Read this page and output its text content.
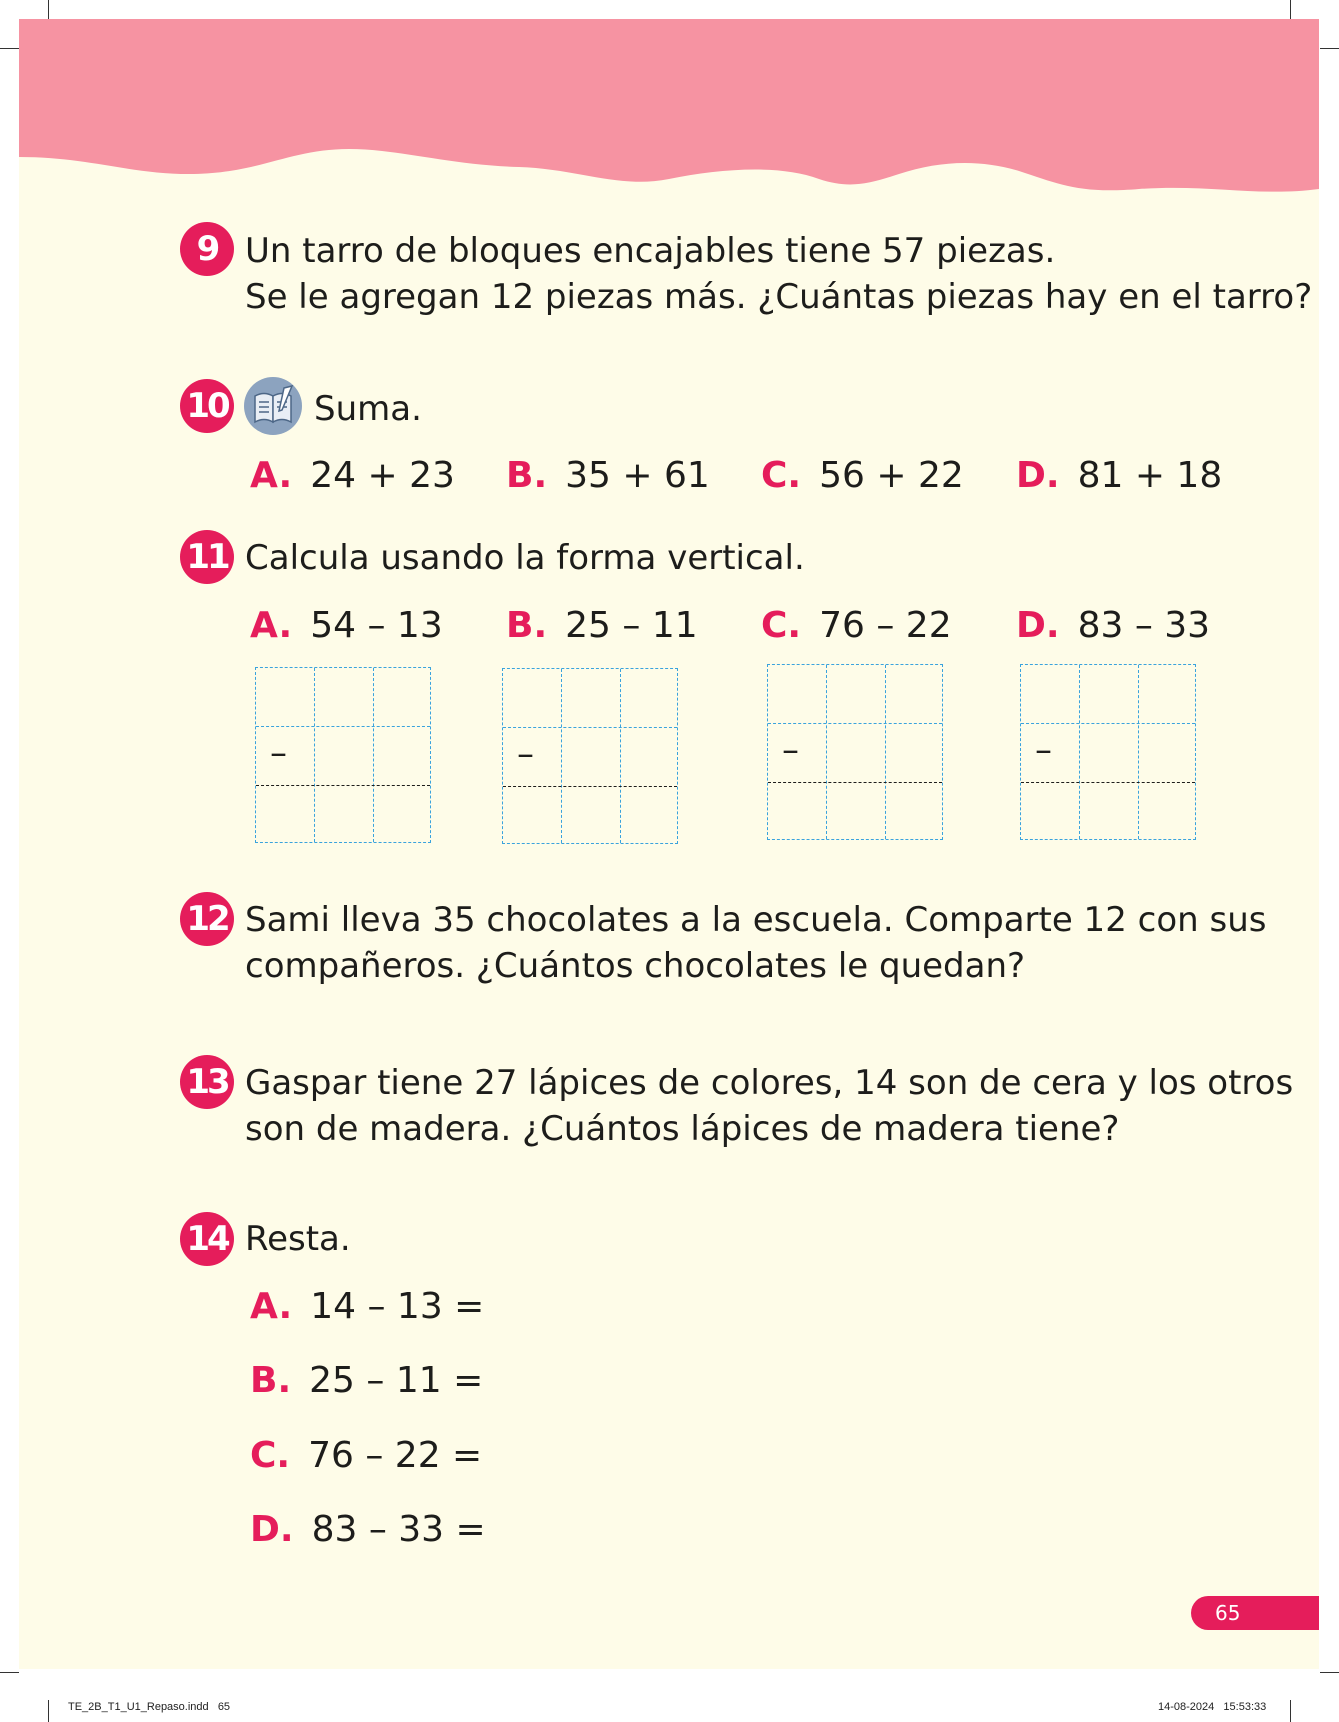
9 Un tarro de bloques encajables tiene 57 piezas.
Se le agregan 12 piezas más. ¿Cuántas piezas hay en el tarro?
10	Suma.
A. 24 + 23 B. 35 + 61 C. 56 + 22 D. 81 + 18
11 Calcula usando la forma vertical.
A. 54 – 13 B. 25 – 11 C. 76 – 22 D. 83 – 33
–	–	–	–
12 Sami lleva 35 chocolates a la escuela. Comparte 12 con sus
compañeros. ¿Cuántos chocolates le quedan?
13 Gaspar tiene 27 lápices de colores, 14 son de cera y los otros
son de madera. ¿Cuántos lápices de madera tiene?
14 Resta.
A. 14 – 13 =
B. 25 – 11 =
C. 76 – 22 =
D. 83 – 33 =
65
TE_2B_T1_U1_Repaso.indd   65	14-08-2024   15:53:33
